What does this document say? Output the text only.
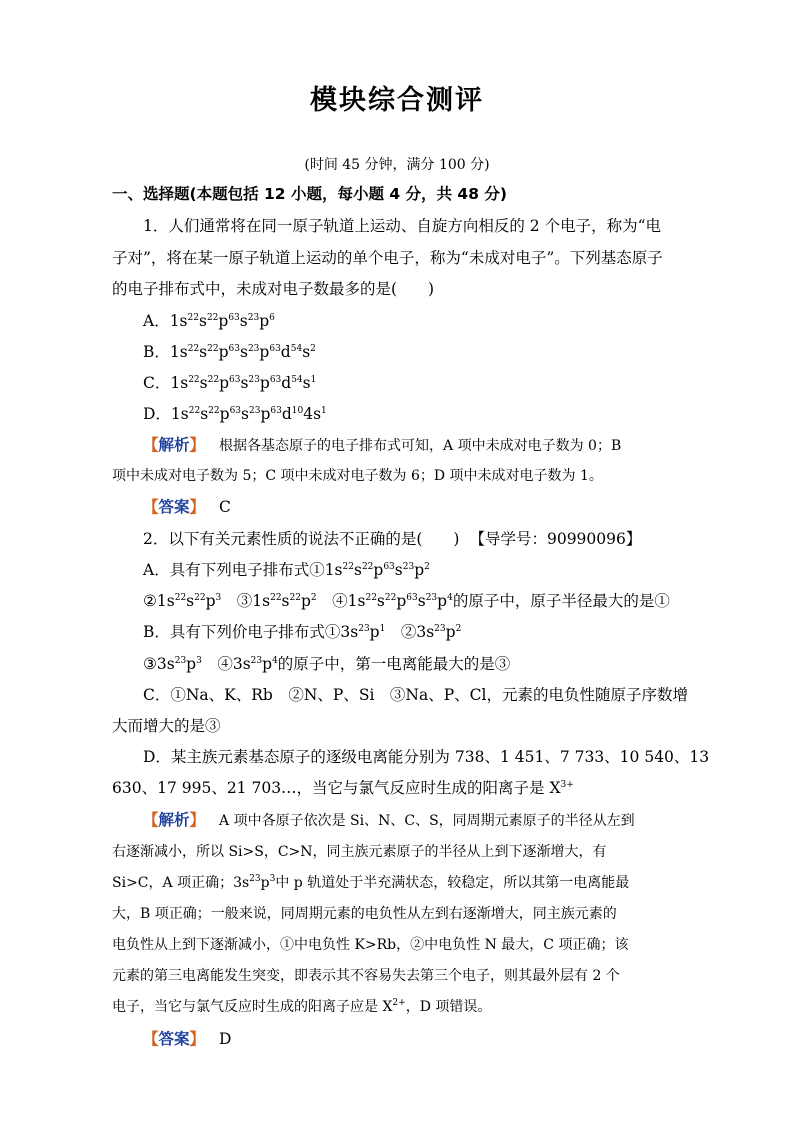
模块综合测评
(时间 45 分钟，满分 100 分)
一、选择题(本题包括 12 小题，每小题 4 分，共 48 分)
1．人们通常将在同一原子轨道上运动、自旋方向相反的 2 个电子，称为“电
子对”，将在某一原子轨道上运动的单个电子，称为“未成对电子”。下列基态原子
的电子排布式中，未成对电子数最多的是(　　)
A．$1s^{22}s^{22}p^{63}s^{23}p^6$
B．$1s^{22}s^{22}p^{63}s^{23}p^{63}d^{54}s^2$
C．$1s^{22}s^{22}p^{63}s^{23}p^{63}d^{54}s^1$
D．$1s^{22}s^{22}p^{63}s^{23}p^{63}d^{10}4s^1$
【解析】 根据各基态原子的电子排布式可知，A 项中未成对电子数为 0；B
项中未成对电子数为 5；C 项中未成对电子数为 6；D 项中未成对电子数为 1。
【答案】 C
2．以下有关元素性质的说法不正确的是(　　) 【导学号：90990096】
A．具有下列电子排布式$①1s^{22}s^{22}p^{63}s^{23}p^2$
$②1s^{22}s^{22}p^3$　$③1s^{22}s^{22}p^2$　$④1s^{22}s^{22}p^{63}s^{23}p^4$的原子中，原子半径最大的是①
B．具有下列价电子排布式$①3s^{23}p^1$　$②3s^{23}p^2$
$③3s^{23}p^3$　$④3s^{23}p^4$的原子中，第一电离能最大的是③
C．①Na、K、Rb　②N、P、Si　③Na、P、Cl，元素的电负性随原子序数增
大而增大的是③
D．某主族元素基态原子的逐级电离能分别为 738、1 451、7 733、10 540、13
630、17 995、21 703…，当它与氯气反应时生成的阳离子是 $X^{3+}$
【解析】 A 项中各原子依次是 Si、N、C、S，同周期元素原子的半径从左到
右逐渐减小，所以 Si>S，C>N，同主族元素原子的半径从上到下逐渐增大，有
Si>C，A 项正确；$3s^{23}p^3$中 p 轨道处于半充满状态，较稳定，所以其第一电离能最
大，B 项正确；一般来说，同周期元素的电负性从左到右逐渐增大，同主族元素的
电负性从上到下逐渐减小，①中电负性 K>Rb，②中电负性 N 最大，C 项正确；该
元素的第三电离能发生突变，即表示其不容易失去第三个电子，则其最外层有 2 个
电子，当它与氯气反应时生成的阳离子应是 $X^{2+}$，D 项错误。
【答案】 D
